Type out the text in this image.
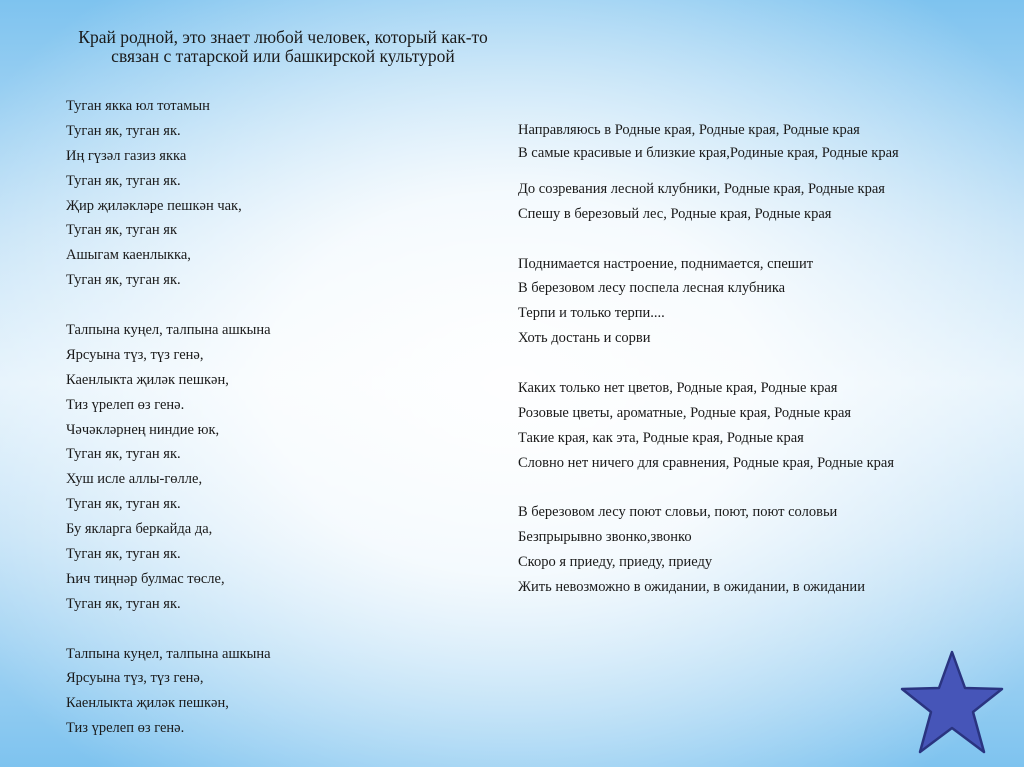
Край родной, это знает любой человек, который как-то связан с татарской или башкирской культурой
Туган якка юл тотамын
Туган як, туган як.
Иң гүзәл газиз якка
Туган як, туган як.
Җир җиләкләре пешкән чак,
Туган як, туган як
Ашыгам каенлыкка,
Туган як, туган як.
Талпына куңел, талпына ашкына
Ярсуына түз, түз генә,
Каенлыкта җиләк пешкән,
Тиз үрелеп өз генә.
Чәчәкләрнең ниндие юк,
Туган як, туган як.
Хуш исле аллы-гөлле,
Туган як, туган як.
Бу якларга беркайда да,
Туган як, туган як.
Һич тиңнәр булмас төсле,
Туган як, туган як.
Талпына куңел, талпына ашкына
Ярсуына түз, түз генә,
Каенлыкта җиләк пешкән,
Тиз үрелеп өз генә.
Направляюсь в Родные края, Родные края, Родные края
В самые красивые и близкие края,Родиные края, Родные края
До созревания лесной клубники, Родные края, Родные края
Спешу в березовый лес, Родные края, Родные края
Поднимается настроение, поднимается, спешит
В березовом лесу поспела лесная клубника
Терпи и только терпи....
Хоть достань и сорви
Каких только нет цветов, Родные края, Родные края
Розовые цветы, ароматные, Родные края, Родные края
Такие края, как эта, Родные края, Родные края
Словно нет ничего для сравнения, Родные края, Родные края
В березовом лесу поют словьи, поют, поют соловьи
Безпрырывно звонко,звонко
Скоро я приеду, приеду, приеду
Жить невозможно в ожидании, в ожидании, в ожидании
